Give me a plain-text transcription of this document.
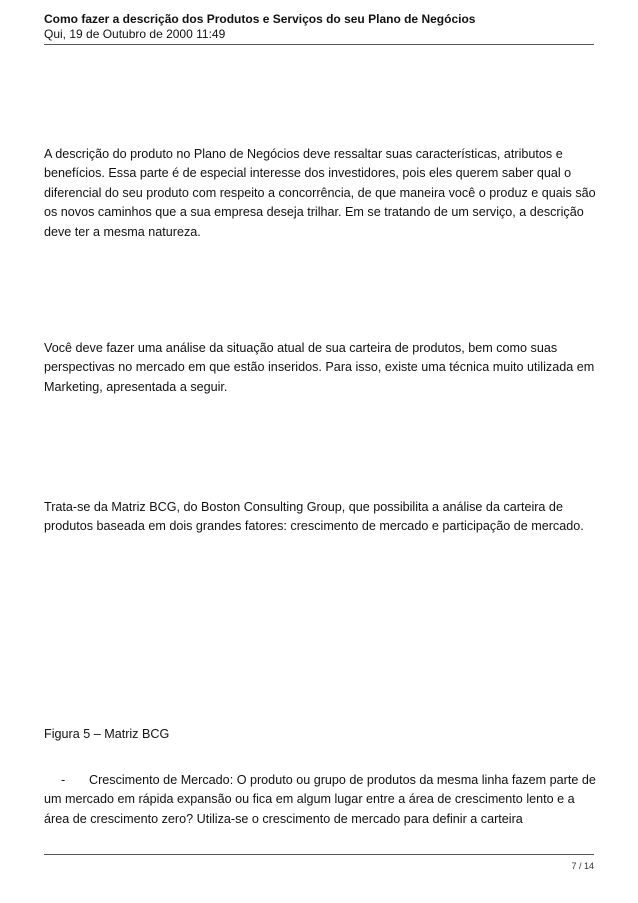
Como fazer a descrição dos Produtos e Serviços do seu Plano de Negócios
Qui, 19 de Outubro de 2000 11:49

A descrição do produto no Plano de Negócios deve ressaltar suas características, atributos e benefícios. Essa parte é de especial interesse dos investidores, pois eles querem saber qual o diferencial do seu produto com respeito a concorrência, de que maneira você o produz e quais são os novos caminhos que a sua empresa deseja trilhar. Em se tratando de um serviço, a descrição deve ter a mesma natureza.

Você deve fazer uma análise da situação atual de sua carteira de produtos, bem como suas perspectivas no mercado em que estão inseridos. Para isso, existe uma técnica muito utilizada em Marketing, apresentada a seguir.

Trata-se da Matriz BCG, do Boston Consulting Group, que possibilita a análise da carteira de produtos baseada em dois grandes fatores: crescimento de mercado e participação de mercado.

Figura 5 – Matriz BCG

- Crescimento de Mercado: O produto ou grupo de produtos da mesma linha fazem parte de um mercado em rápida expansão ou fica em algum lugar entre a área de crescimento lento e a área de crescimento zero? Utiliza-se o crescimento de mercado para definir a carteira

7 / 14
